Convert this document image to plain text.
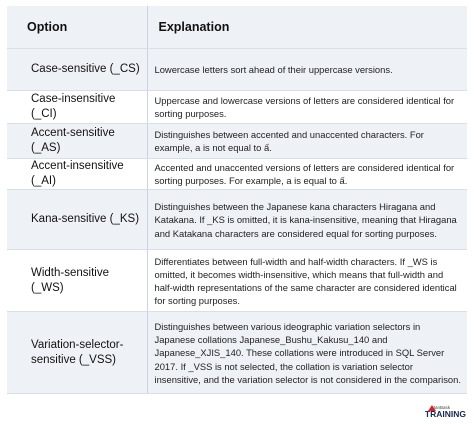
Option	Explanation
Case-sensitive (_CS)	Lowercase letters sort ahead of their uppercase versions.
Case-insensitive (_CI)	Uppercase and lowercase versions of letters are considered identical for sorting purposes.
Accent-sensitive (_AS)	Distinguishes between accented and unaccented characters. For example, a is not equal to ấ.
Accent-insensitive (_AI)	Accented and unaccented versions of letters are considered identical for sorting purposes. For example, a is equal to ấ.
Kana-sensitive (_KS)	Distinguishes between the Japanese kana characters Hiragana and Katakana. If _KS is omitted, it is kana-insensitive, meaning that Hiragana and Katakana characters are considered equal for sorting purposes.
Width-sensitive (_WS)	Differentiates between full-width and half-width characters. If _WS is omitted, it becomes width-insensitive, which means that full-width and half-width representations of the same character are considered identical for sorting purposes.
Variation-selector-sensitive (_VSS)	Distinguishes between various ideographic variation selectors in Japanese collations Japanese_Bushu_Kakusu_140 and Japanese_XJIS_140. These collations were introduced in SQL Server 2017. If _VSS is not selected, the collation is variation selector insensitive, and the variation selector is not considered in the comparison.
JanBask
TRAINING
